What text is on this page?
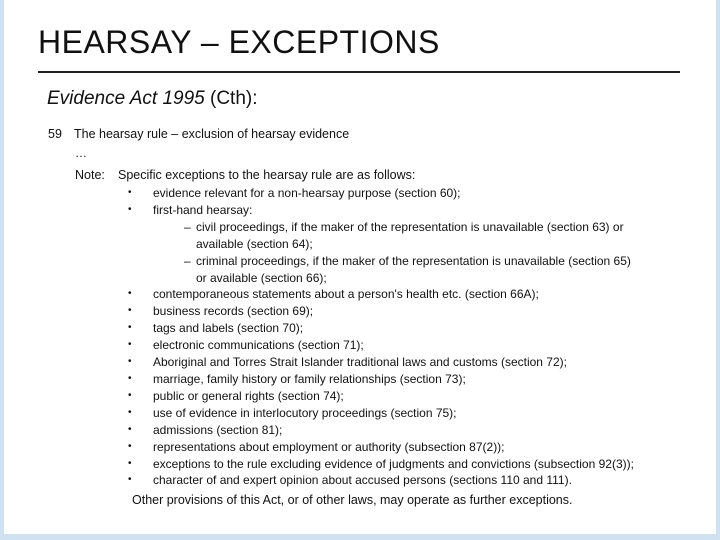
HEARSAY – EXCEPTIONS
Evidence Act 1995 (Cth):
59 The hearsay rule – exclusion of hearsay evidence
…
Note: Specific exceptions to the hearsay rule are as follows:
• evidence relevant for a non-hearsay purpose (section 60);
• first-hand hearsay:
– civil proceedings, if the maker of the representation is unavailable (section 63) or
available (section 64);
– criminal proceedings, if the maker of the representation is unavailable (section 65)
or available (section 66);
• contemporaneous statements about a person's health etc. (section 66A);
• business records (section 69);
• tags and labels (section 70);
• electronic communications (section 71);
• Aboriginal and Torres Strait Islander traditional laws and customs (section 72);
• marriage, family history or family relationships (section 73);
• public or general rights (section 74);
• use of evidence in interlocutory proceedings (section 75);
• admissions (section 81);
• representations about employment or authority (subsection 87(2));
• exceptions to the rule excluding evidence of judgments and convictions (subsection 92(3));
• character of and expert opinion about accused persons (sections 110 and 111).
Other provisions of this Act, or of other laws, may operate as further exceptions.
